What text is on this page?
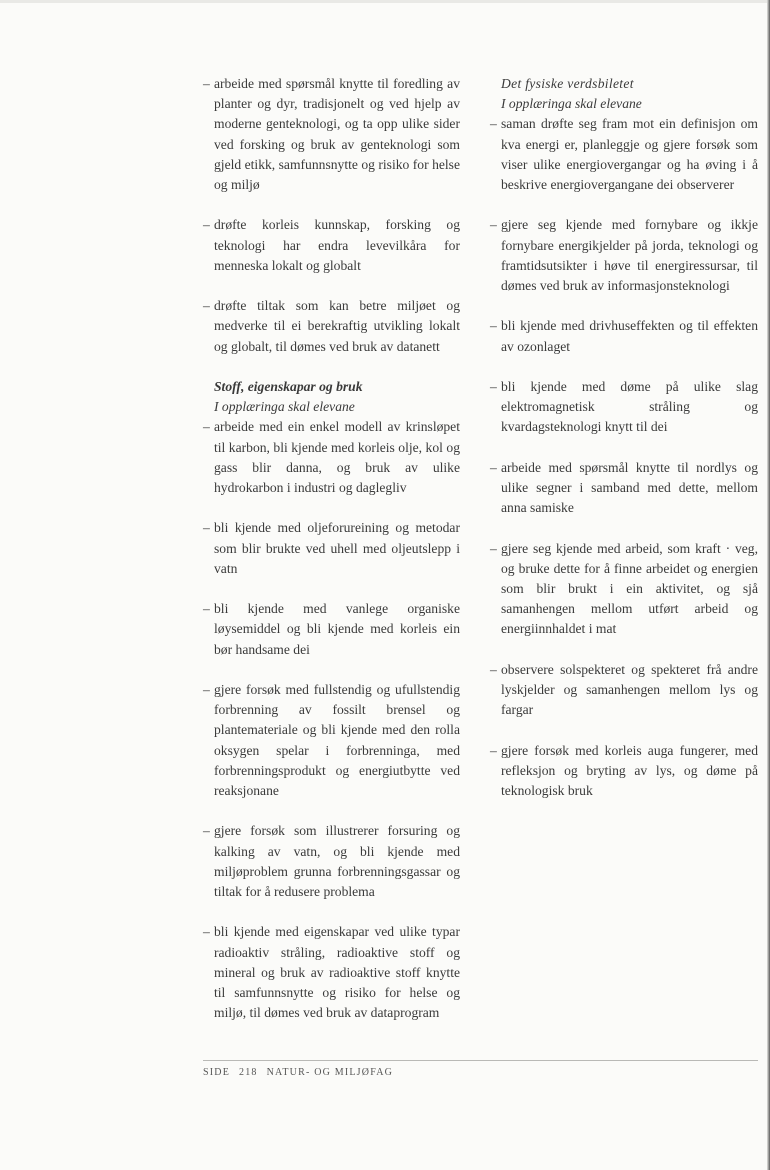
– arbeide med spørsmål knytte til foredling av planter og dyr, tradisjonelt og ved hjelp av moderne genteknologi, og ta opp ulike sider ved forsking og bruk av genteknologi som gjeld etikk, samfunnsnytte og risiko for helse og miljø

– drøfte korleis kunnskap, forsking og teknologi har endra levevilkåra for menneska lokalt og globalt

– drøfte tiltak som kan betre miljøet og medverke til ei berekraftig utvikling lokalt og globalt, til dømes ved bruk av datanett

Stoff, eigenskapar og bruk

I opplæringa skal elevane

– arbeide med ein enkel modell av krinsløpet til karbon, bli kjende med korleis olje, kol og gass blir danna, og bruk av ulike hydrokarbon i industri og daglegliv

– bli kjende med oljeforureining og metodar som blir brukte ved uhell med oljeutslepp i vatn

– bli kjende med vanlege organiske løysemiddel og bli kjende med korleis ein bør handsame dei

– gjere forsøk med fullstendig og ufullstendig forbrenning av fossilt brensel og plantemateriale og bli kjende med den rolla oksygen spelar i forbrenninga, med forbrenningsprodukt og energiutbytte ved reaksjonane

– gjere forsøk som illustrerer forsuring og kalking av vatn, og bli kjende med miljøproblem grunna forbrenningsgassar og tiltak for å redusere problema

– bli kjende med eigenskapar ved ulike typar radioaktiv stråling, radioaktive stoff og mineral og bruk av radioaktive stoff knytte til samfunnsnytte og risiko for helse og miljø, til dømes ved bruk av dataprogram

Det fysiske verdsbiletet

I opplæringa skal elevane

– saman drøfte seg fram mot ein definisjon om kva energi er, planleggje og gjere forsøk som viser ulike energiovergangar og ha øving i å beskrive energiovergangane dei observerer

– gjere seg kjende med fornybare og ikkje fornybare energikjelder på jorda, teknologi og framtidsutsikter i høve til energiressursar, til dømes ved bruk av informasjonsteknologi

– bli kjende med drivhuseffekten og til effekten av ozonlaget

– bli kjende med døme på ulike slag elektromagnetisk stråling og kvardagsteknologi knytt til dei

– arbeide med spørsmål knytte til nordlys og ulike segner i samband med dette, mellom anna samiske

– gjere seg kjende med arbeid, som kraft · veg, og bruke dette for å finne arbeidet og energien som blir brukt i ein aktivitet, og sjå samanhengen mellom utført arbeid og energiinnhaldet i mat

– observere solspekteret og spekteret frå andre lyskjelder og samanhengen mellom lys og fargar

– gjere forsøk med korleis auga fungerer, med refleksjon og bryting av lys, og døme på teknologisk bruk

SIDE 218 NATUR- OG MILJØFAG
